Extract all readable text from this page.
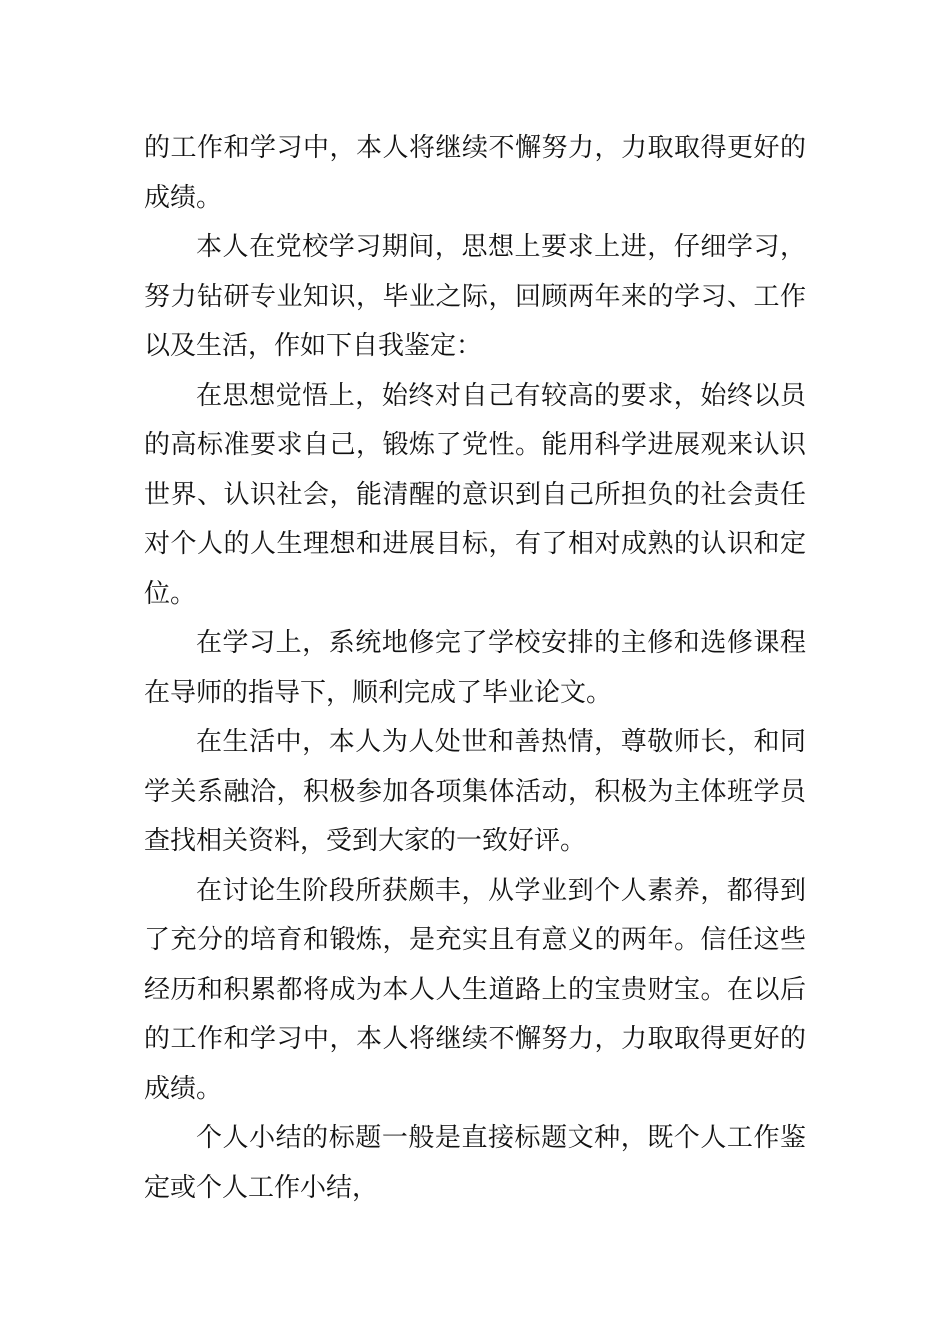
的工作和学习中，本人将继续不懈努力，力取取得更好的成绩。

本人在党校学习期间，思想上要求上进，仔细学习，努力钻研专业知识，毕业之际，回顾两年来的学习、工作以及生活，作如下自我鉴定：

在思想觉悟上，始终对自己有较高的要求，始终以员的高标准要求自己，锻炼了党性。能用科学进展观来认识世界、认识社会，能清醒的意识到自己所担负的社会责任对个人的人生理想和进展目标，有了相对成熟的认识和定位。

在学习上，系统地修完了学校安排的主修和选修课程在导师的指导下，顺利完成了毕业论文。

在生活中，本人为人处世和善热情，尊敬师长，和同学关系融洽，积极参加各项集体活动，积极为主体班学员查找相关资料，受到大家的一致好评。

在讨论生阶段所获颇丰，从学业到个人素养，都得到了充分的培育和锻炼，是充实且有意义的两年。信任这些经历和积累都将成为本人人生道路上的宝贵财宝。在以后的工作和学习中，本人将继续不懈努力，力取取得更好的成绩。

个人小结的标题一般是直接标题文种，既个人工作鉴定或个人工作小结，
